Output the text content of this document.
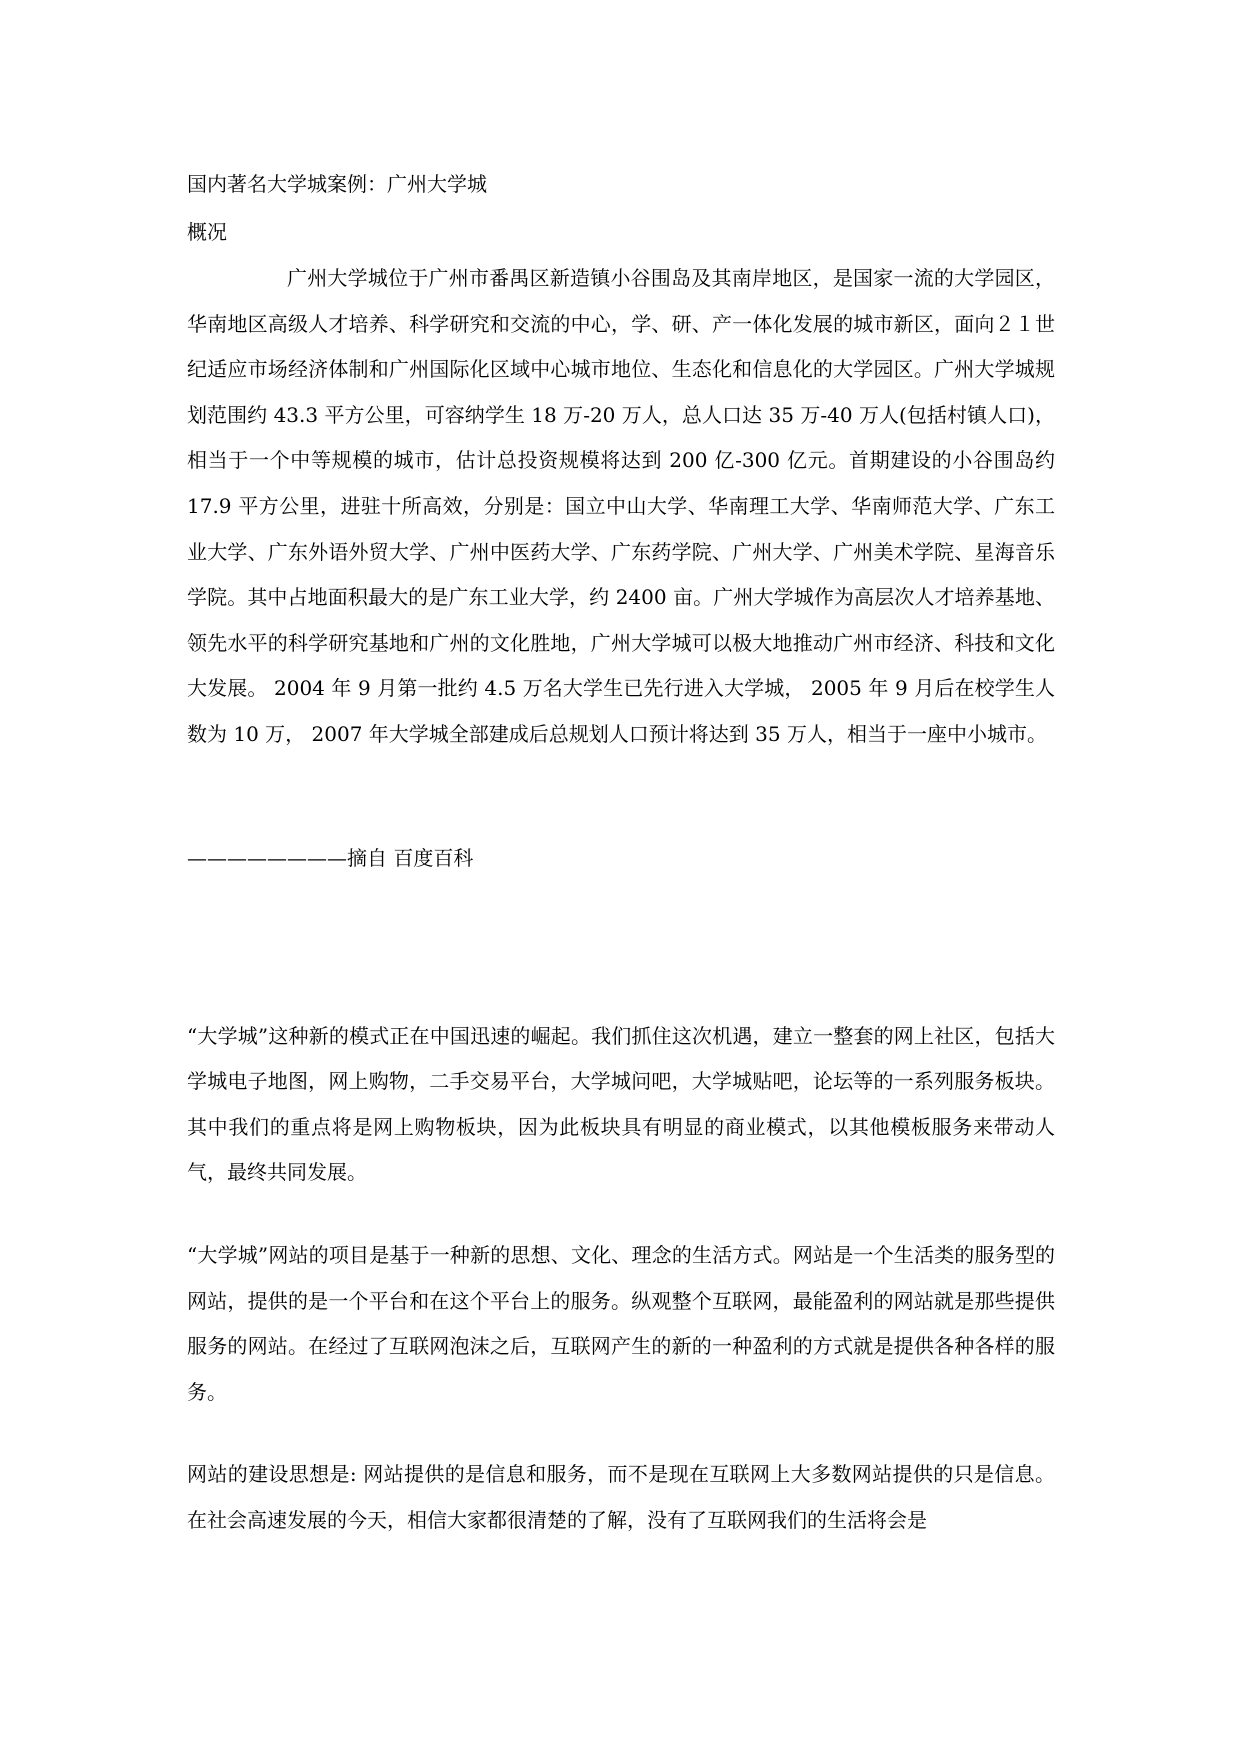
国内著名大学城案例：广州大学城

概况

广州大学城位于广州市番禺区新造镇小谷围岛及其南岸地区，是国家一流的大学园区，华南地区高级人才培养、科学研究和交流的中心，学、研、产一体化发展的城市新区，面向２１世纪适应市场经济体制和广州国际化区域中心城市地位、生态化和信息化的大学园区。广州大学城规划范围约 43.3 平方公里，可容纳学生 18 万-20 万人，总人口达 35 万-40 万人(包括村镇人口)，相当于一个中等规模的城市，估计总投资规模将达到 200 亿-300 亿元。首期建设的小谷围岛约 17.9 平方公里，进驻十所高效，分别是：国立中山大学、华南理工大学、华南师范大学、广东工业大学、广东外语外贸大学、广州中医药大学、广东药学院、广州大学、广州美术学院、星海音乐学院。其中占地面积最大的是广东工业大学，约 2400 亩。广州大学城作为高层次人才培养基地、领先水平的科学研究基地和广州的文化胜地，广州大学城可以极大地推动广州市经济、科技和文化大发展。 2004 年 9 月第一批约 4.5 万名大学生已先行进入大学城， 2005 年 9 月后在校学生人数为 10 万， 2007 年大学城全部建成后总规划人口预计将达到 35 万人，相当于一座中小城市。

————————摘自 百度百科

“大学城”这种新的模式正在中国迅速的崛起。我们抓住这次机遇，建立一整套的网上社区，包括大学城电子地图，网上购物，二手交易平台，大学城问吧，大学城贴吧，论坛等的一系列服务板块。其中我们的重点将是网上购物板块，因为此板块具有明显的商业模式，以其他模板服务来带动人气，最终共同发展。

“大学城”网站的项目是基于一种新的思想、文化、理念的生活方式。网站是一个生活类的服务型的网站，提供的是一个平台和在这个平台上的服务。纵观整个互联网，最能盈利的网站就是那些提供服务的网站。在经过了互联网泡沫之后，互联网产生的新的一种盈利的方式就是提供各种各样的服务。

网站的建设思想是: 网站提供的是信息和服务，而不是现在互联网上大多数网站提供的只是信息。在社会高速发展的今天，相信大家都很清楚的了解，没有了互联网我们的生活将会是
